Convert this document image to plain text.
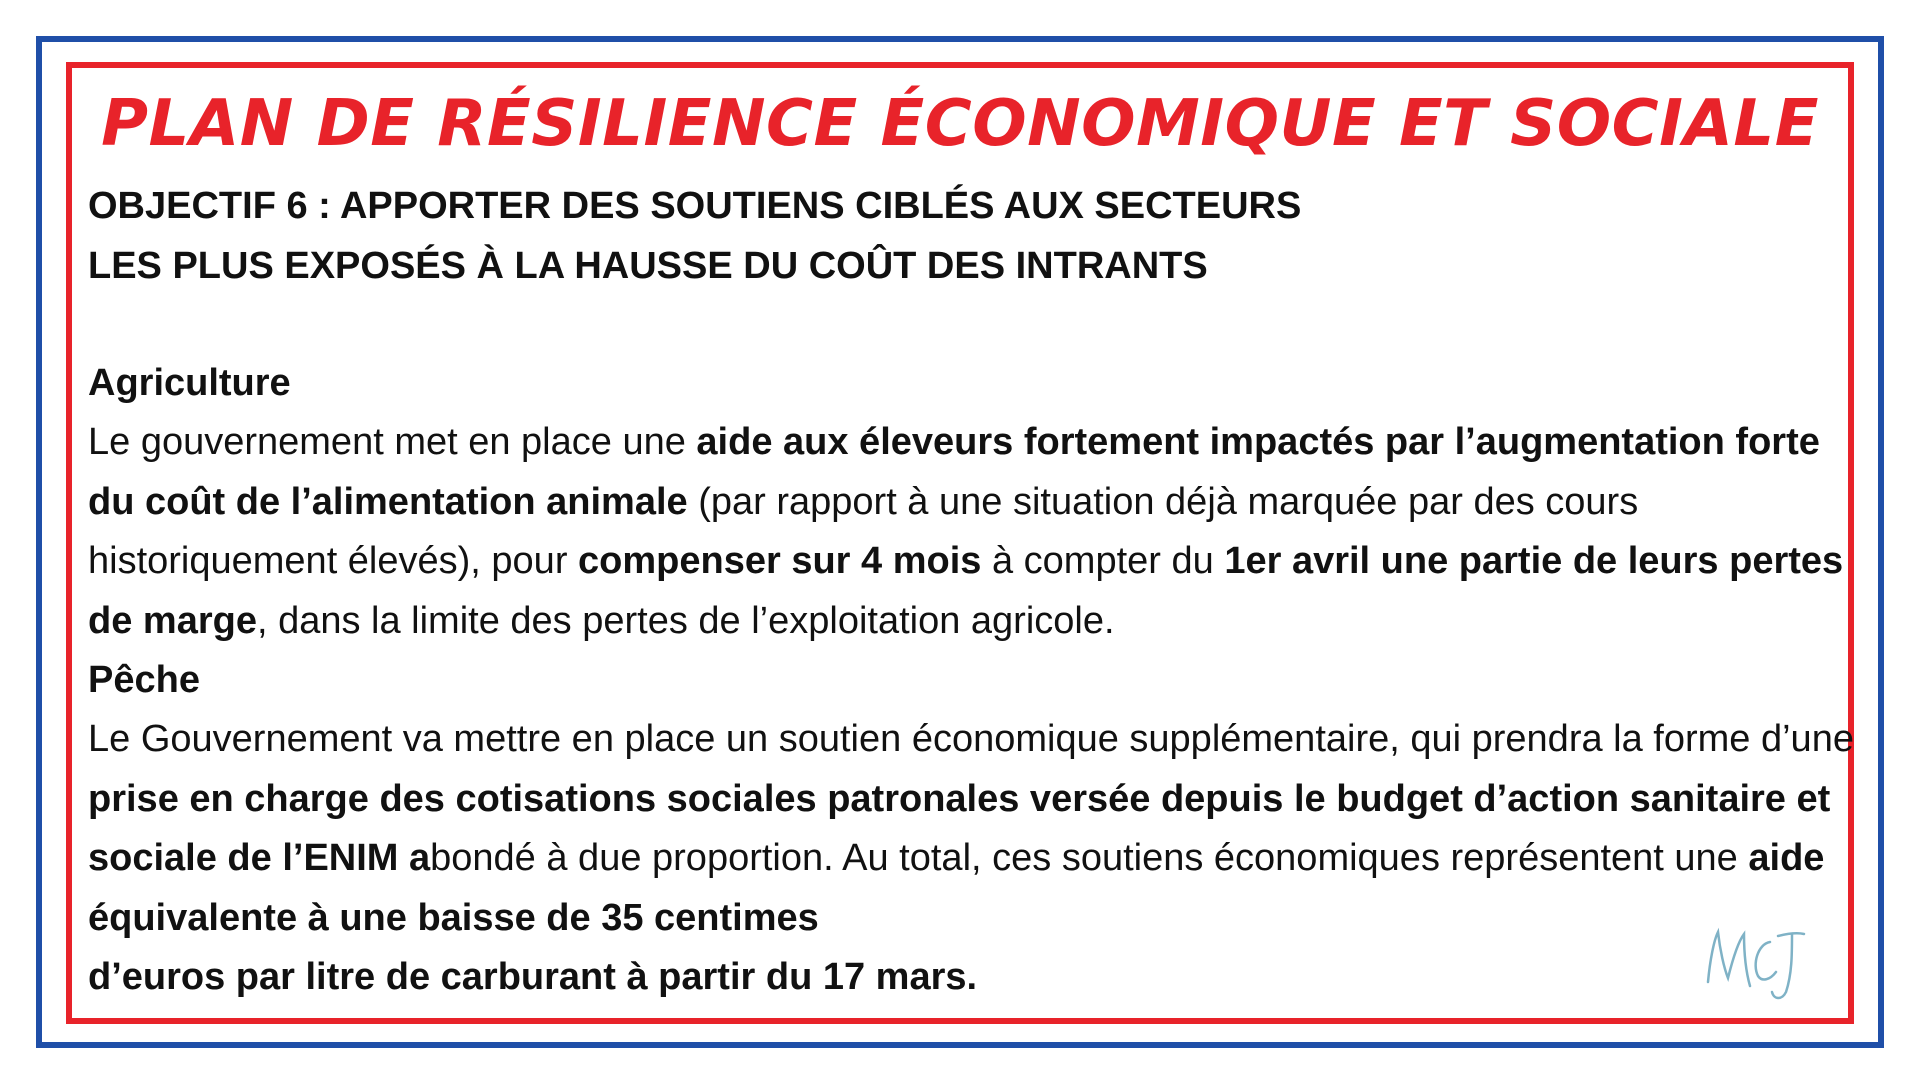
PLAN DE RÉSILIENCE ÉCONOMIQUE ET SOCIALE

OBJECTIF 6 : APPORTER DES SOUTIENS CIBLÉS AUX SECTEURS

LES PLUS EXPOSÉS À LA HAUSSE DU COÛT DES INTRANTS

Agriculture

Le gouvernement met en place une aide aux éleveurs fortement impactés par l’augmentation forte du coût de l’alimentation animale (par rapport à une situation déjà marquée par des cours historiquement élevés), pour compenser sur 4 mois à compter du 1er avril une partie de leurs pertes de marge, dans la limite des pertes de l’exploitation agricole.

Pêche

Le Gouvernement va mettre en place un soutien économique supplémentaire, qui prendra la forme d’une prise en charge des cotisations sociales patronales versée depuis le budget d’action sanitaire et sociale de l’ENIM abondé à due proportion. Au total, ces soutiens économiques représentent une aide équivalente à une baisse de 35 centimes
d’euros par litre de carburant à partir du 17 mars.
